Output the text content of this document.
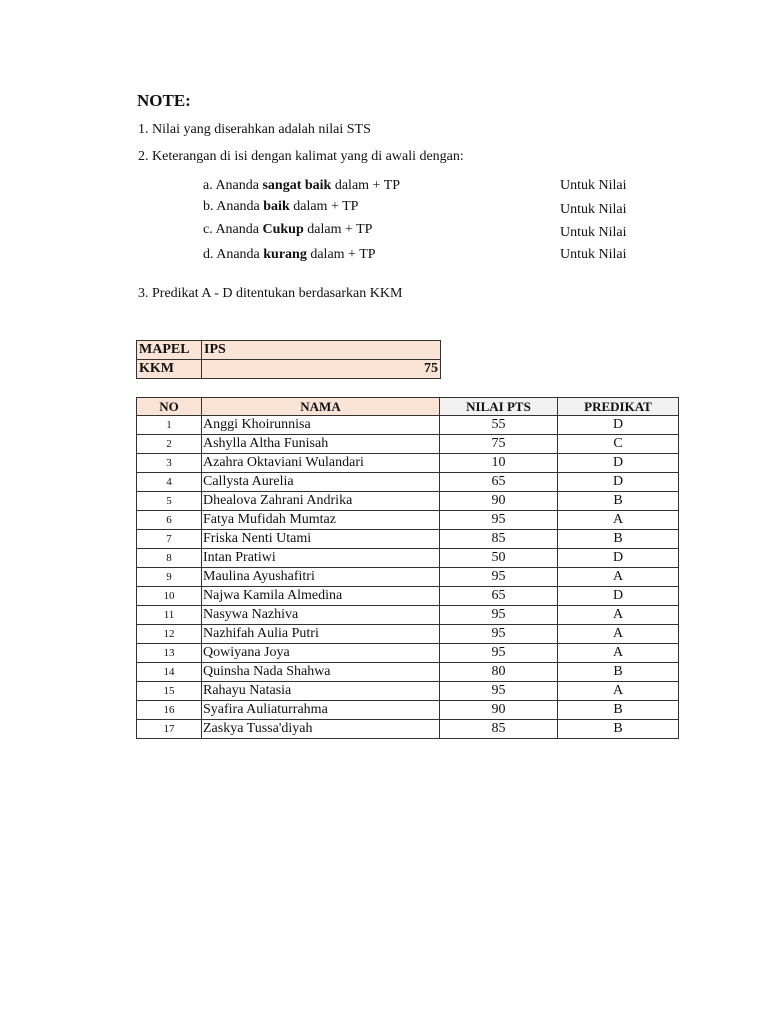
NOTE:
1. Nilai yang diserahkan adalah nilai STS
2. Keterangan di isi dengan kalimat yang di awali dengan:
a. Ananda sangat baik dalam + TP	Untuk Nilai
b. Ananda baik dalam + TP	Untuk Nilai
c. Ananda Cukup dalam + TP	Untuk Nilai
d. Ananda kurang dalam + TP	Untuk Nilai
3. Predikat A - D ditentukan berdasarkan KKM
MAPEL	IPS
KKM	75
NO	NAMA	NILAI PTS	PREDIKAT
1	Anggi Khoirunnisa	55	D
2	Ashylla Altha Funisah	75	C
3	Azahra Oktaviani Wulandari	10	D
4	Callysta Aurelia	65	D
5	Dhealova Zahrani Andrika	90	B
6	Fatya Mufidah Mumtaz	95	A
7	Friska Nenti Utami	85	B
8	Intan Pratiwi	50	D
9	Maulina Ayushafitri	95	A
10	Najwa Kamila Almedina	65	D
11	Nasywa Nazhiva	95	A
12	Nazhifah Aulia Putri	95	A
13	Qowiyana Joya	95	A
14	Quinsha Nada Shahwa	80	B
15	Rahayu Natasia	95	A
16	Syafira Auliaturrahma	90	B
17	Zaskya Tussa'diyah	85	B
